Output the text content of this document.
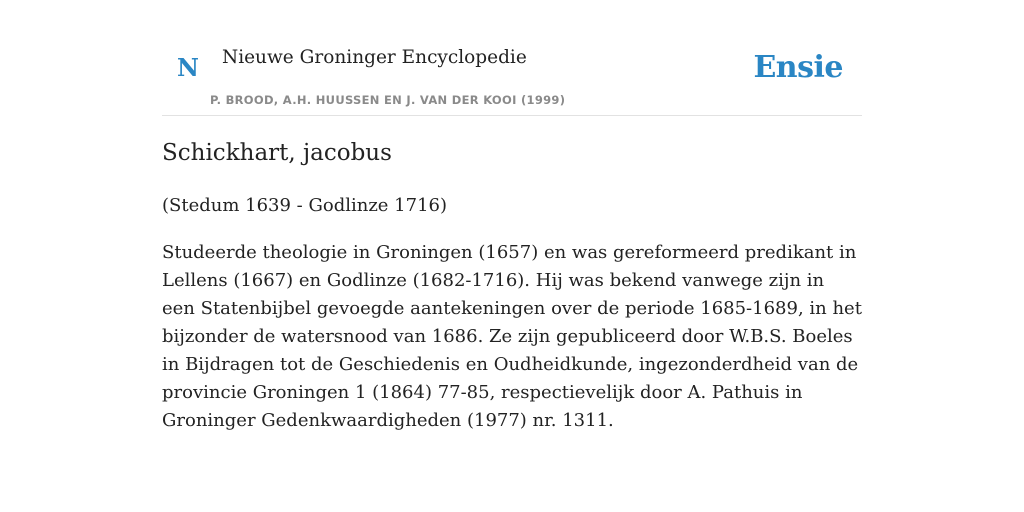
N Nieuwe Groninger Encyclopedie
P. BROOD, A.H. HUUSSEN EN J. VAN DER KOOI (1999)
Ensie
Schickhart, jacobus

(Stedum 1639 - Godlinze 1716)

Studeerde theologie in Groningen (1657) en was gereformeerd predikant in Lellens (1667) en Godlinze (1682-1716). Hij was bekend vanwege zijn in een Statenbijbel gevoegde aantekeningen over de periode 1685-1689, in het bijzonder de watersnood van 1686. Ze zijn gepubliceerd door W.B.S. Boeles in Bijdragen tot de Geschiedenis en Oudheidkunde, ingezonderdheid van de provincie Groningen 1 (1864) 77-85, respectievelijk door A. Pathuis in Groninger Gedenkwaardigheden (1977) nr. 1311.
